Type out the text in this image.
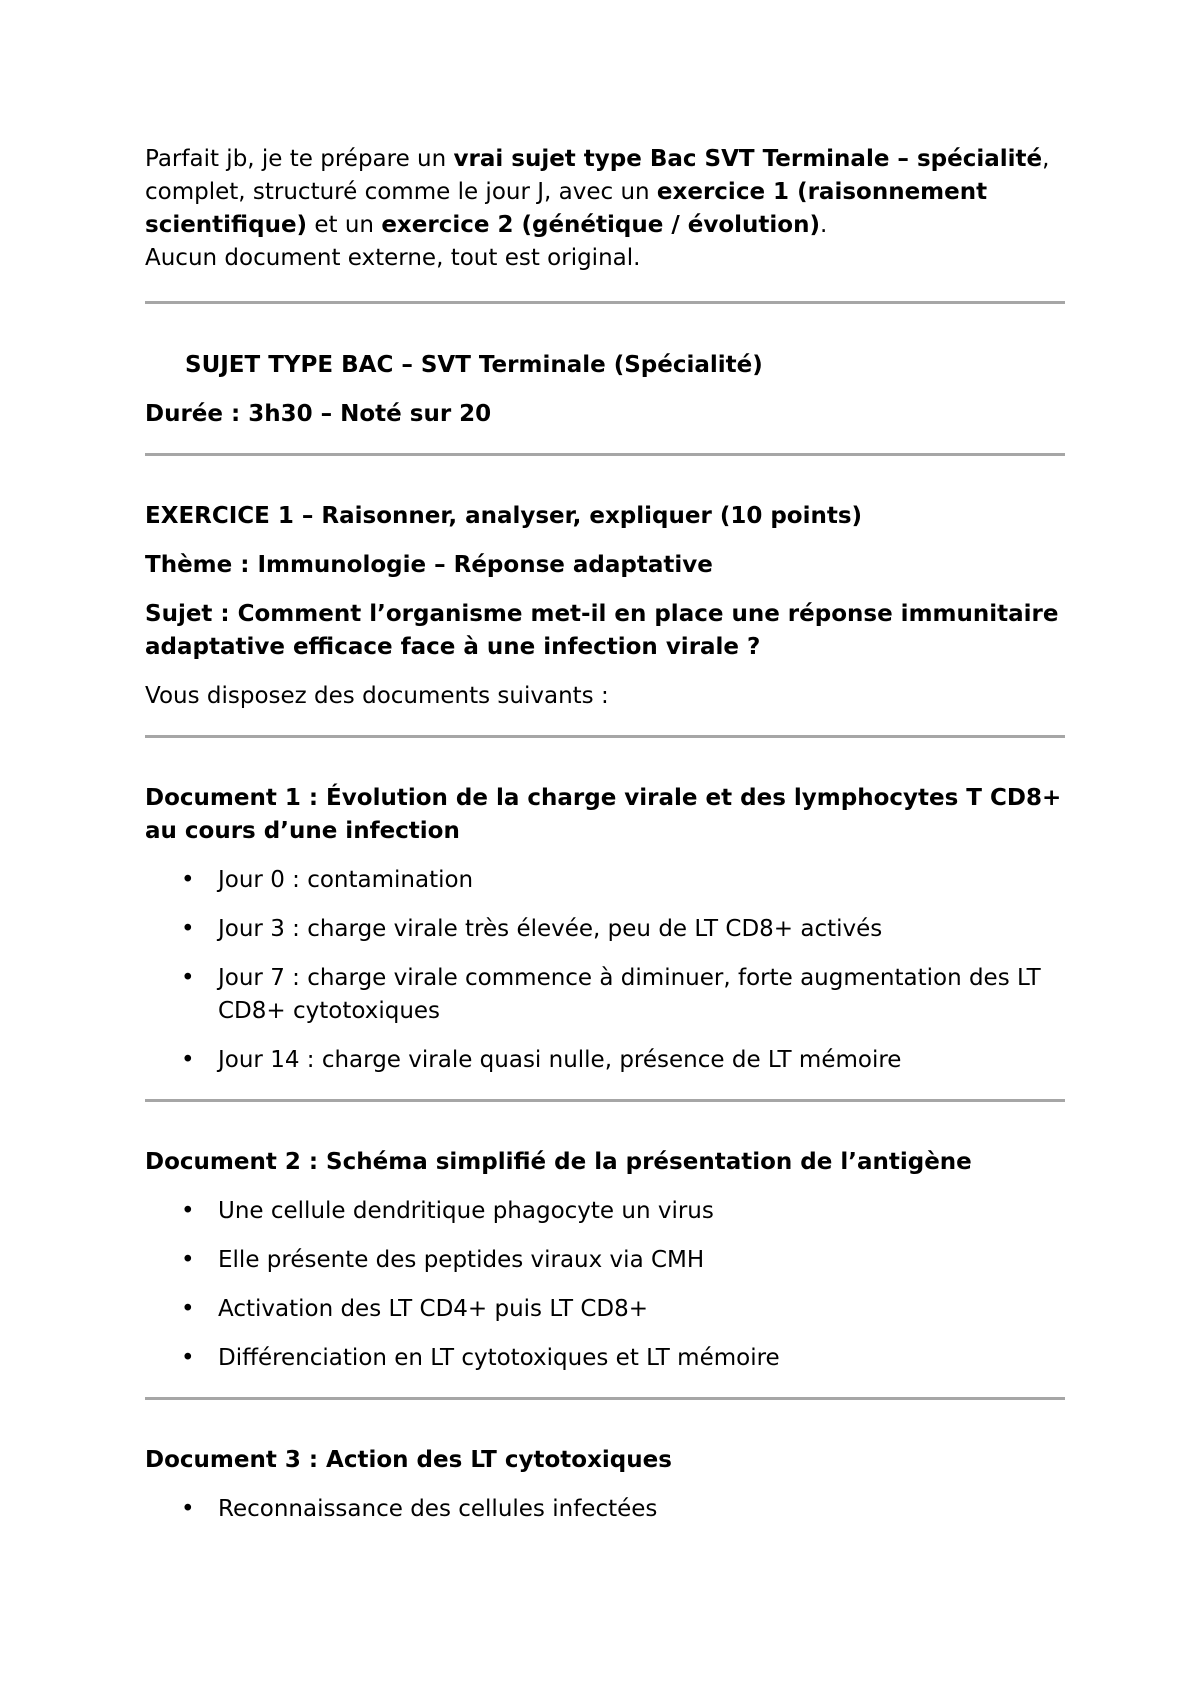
Parfait jb, je te prépare un vrai sujet type Bac SVT Terminale – spécialité, complet, structuré comme le jour J, avec un exercice 1 (raisonnement scientifique) et un exercice 2 (génétique / évolution).
Aucun document externe, tout est original.

SUJET TYPE BAC – SVT Terminale (Spécialité)

Durée : 3h30 – Noté sur 20

EXERCICE 1 – Raisonner, analyser, expliquer (10 points)

Thème : Immunologie – Réponse adaptative

Sujet : Comment l’organisme met-il en place une réponse immunitaire adaptative efficace face à une infection virale ?

Vous disposez des documents suivants :

Document 1 : Évolution de la charge virale et des lymphocytes T CD8+ au cours d’une infection

• Jour 0 : contamination
• Jour 3 : charge virale très élevée, peu de LT CD8+ activés
• Jour 7 : charge virale commence à diminuer, forte augmentation des LT CD8+ cytotoxiques
• Jour 14 : charge virale quasi nulle, présence de LT mémoire

Document 2 : Schéma simplifié de la présentation de l’antigène

• Une cellule dendritique phagocyte un virus
• Elle présente des peptides viraux via CMH
• Activation des LT CD4+ puis LT CD8+
• Différenciation en LT cytotoxiques et LT mémoire

Document 3 : Action des LT cytotoxiques

• Reconnaissance des cellules infectées
